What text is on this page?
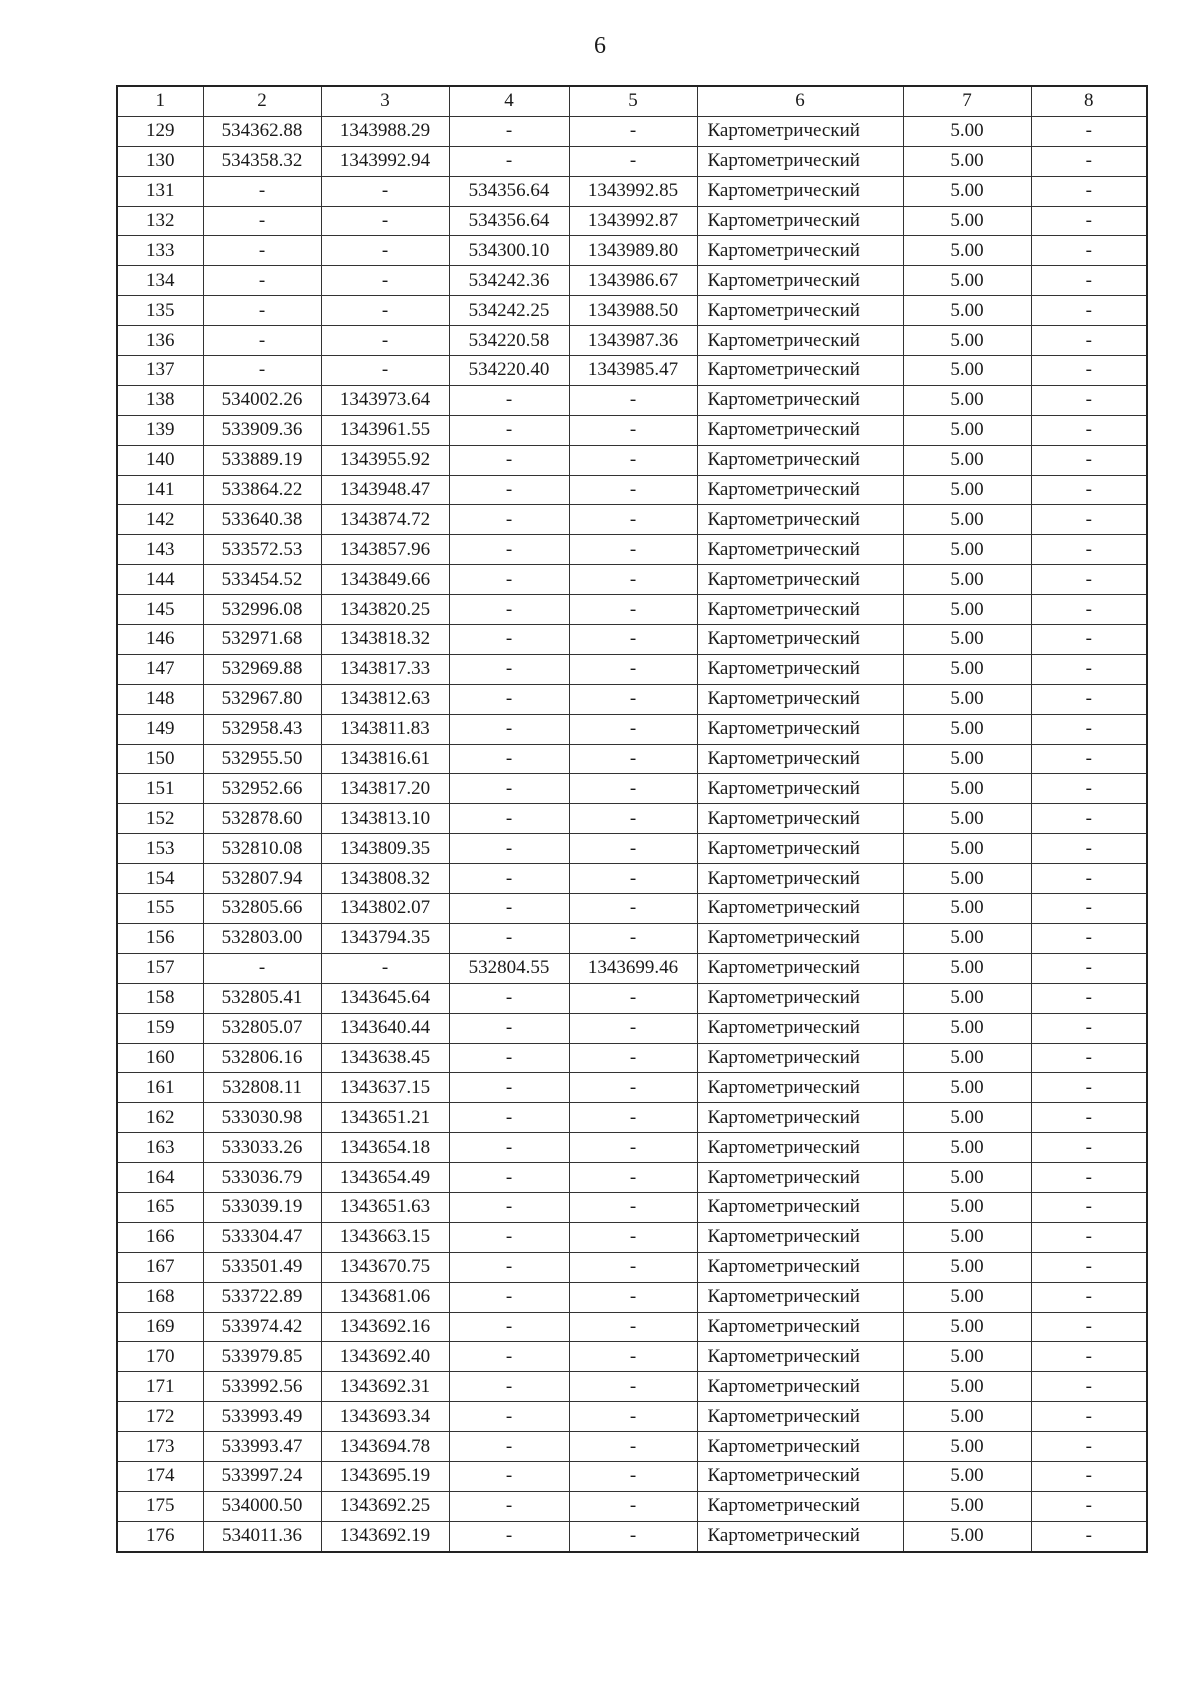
6
1	2	3	4	5	6	7	8
129	534362.88	1343988.29	-	-	Картометрический	5.00	-
130	534358.32	1343992.94	-	-	Картометрический	5.00	-
131	-	-	534356.64	1343992.85	Картометрический	5.00	-
132	-	-	534356.64	1343992.87	Картометрический	5.00	-
133	-	-	534300.10	1343989.80	Картометрический	5.00	-
134	-	-	534242.36	1343986.67	Картометрический	5.00	-
135	-	-	534242.25	1343988.50	Картометрический	5.00	-
136	-	-	534220.58	1343987.36	Картометрический	5.00	-
137	-	-	534220.40	1343985.47	Картометрический	5.00	-
138	534002.26	1343973.64	-	-	Картометрический	5.00	-
139	533909.36	1343961.55	-	-	Картометрический	5.00	-
140	533889.19	1343955.92	-	-	Картометрический	5.00	-
141	533864.22	1343948.47	-	-	Картометрический	5.00	-
142	533640.38	1343874.72	-	-	Картометрический	5.00	-
143	533572.53	1343857.96	-	-	Картометрический	5.00	-
144	533454.52	1343849.66	-	-	Картометрический	5.00	-
145	532996.08	1343820.25	-	-	Картометрический	5.00	-
146	532971.68	1343818.32	-	-	Картометрический	5.00	-
147	532969.88	1343817.33	-	-	Картометрический	5.00	-
148	532967.80	1343812.63	-	-	Картометрический	5.00	-
149	532958.43	1343811.83	-	-	Картометрический	5.00	-
150	532955.50	1343816.61	-	-	Картометрический	5.00	-
151	532952.66	1343817.20	-	-	Картометрический	5.00	-
152	532878.60	1343813.10	-	-	Картометрический	5.00	-
153	532810.08	1343809.35	-	-	Картометрический	5.00	-
154	532807.94	1343808.32	-	-	Картометрический	5.00	-
155	532805.66	1343802.07	-	-	Картометрический	5.00	-
156	532803.00	1343794.35	-	-	Картометрический	5.00	-
157	-	-	532804.55	1343699.46	Картометрический	5.00	-
158	532805.41	1343645.64	-	-	Картометрический	5.00	-
159	532805.07	1343640.44	-	-	Картометрический	5.00	-
160	532806.16	1343638.45	-	-	Картометрический	5.00	-
161	532808.11	1343637.15	-	-	Картометрический	5.00	-
162	533030.98	1343651.21	-	-	Картометрический	5.00	-
163	533033.26	1343654.18	-	-	Картометрический	5.00	-
164	533036.79	1343654.49	-	-	Картометрический	5.00	-
165	533039.19	1343651.63	-	-	Картометрический	5.00	-
166	533304.47	1343663.15	-	-	Картометрический	5.00	-
167	533501.49	1343670.75	-	-	Картометрический	5.00	-
168	533722.89	1343681.06	-	-	Картометрический	5.00	-
169	533974.42	1343692.16	-	-	Картометрический	5.00	-
170	533979.85	1343692.40	-	-	Картометрический	5.00	-
171	533992.56	1343692.31	-	-	Картометрический	5.00	-
172	533993.49	1343693.34	-	-	Картометрический	5.00	-
173	533993.47	1343694.78	-	-	Картометрический	5.00	-
174	533997.24	1343695.19	-	-	Картометрический	5.00	-
175	534000.50	1343692.25	-	-	Картометрический	5.00	-
176	534011.36	1343692.19	-	-	Картометрический	5.00	-
